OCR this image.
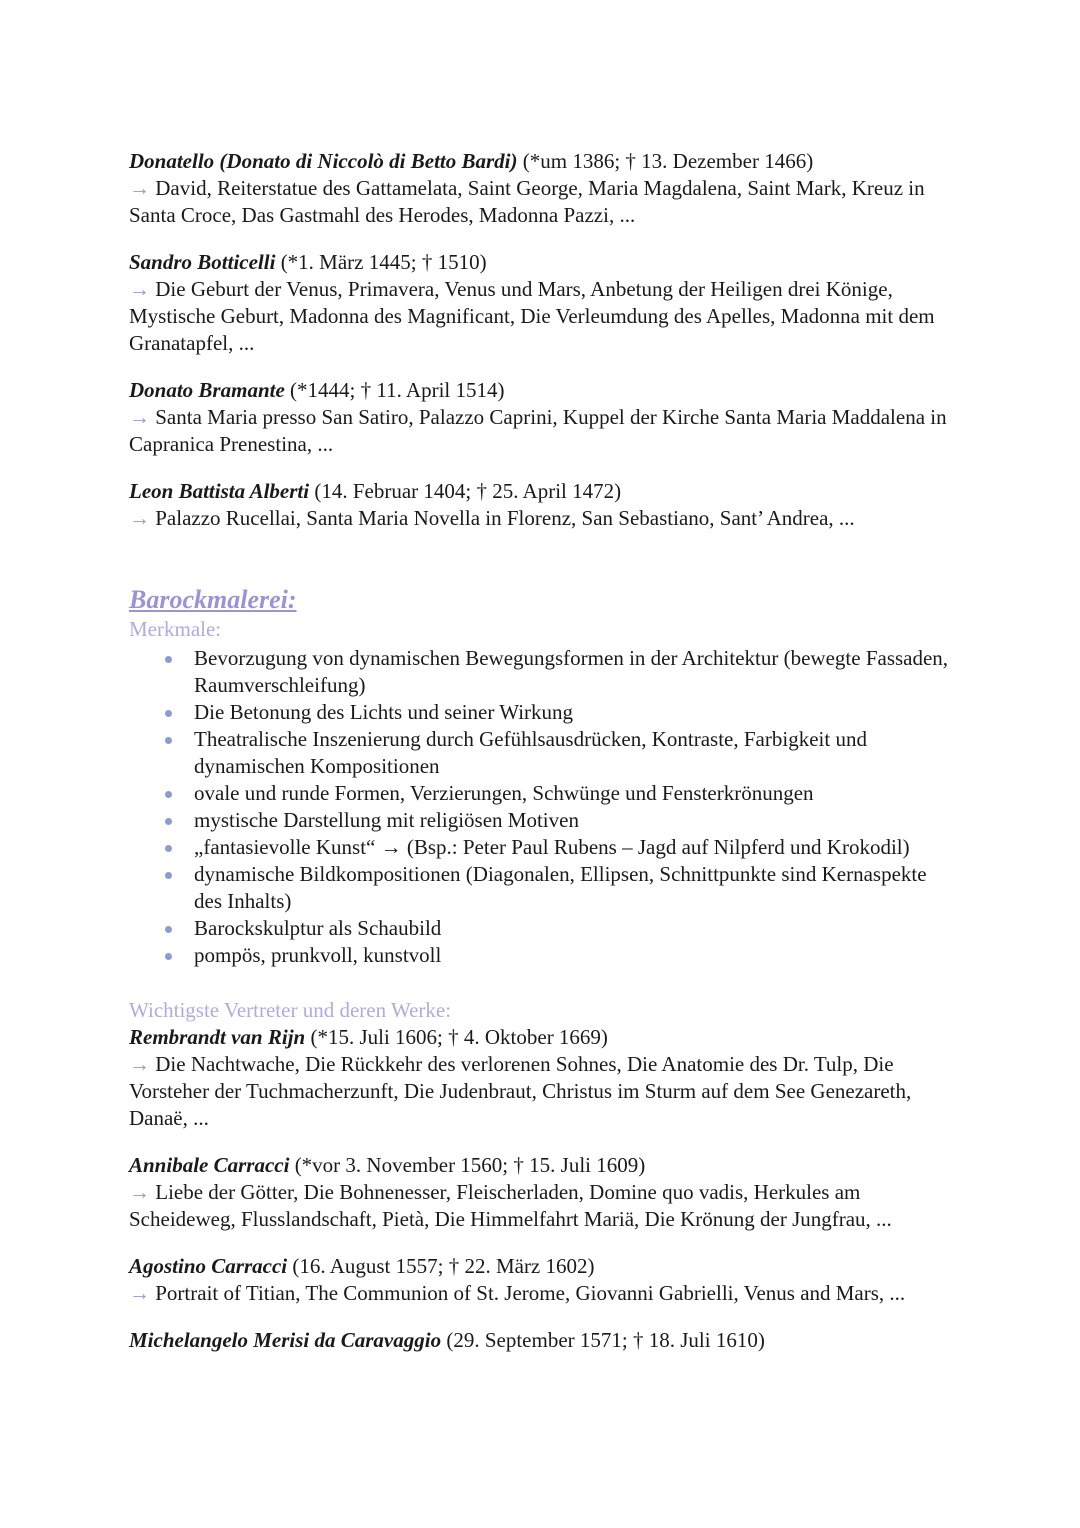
Donatello (Donato di Niccolò di Betto Bardi) (*um 1386; † 13. Dezember 1466)

→ David, Reiterstatue des Gattamelata, Saint George, Maria Magdalena, Saint Mark, Kreuz in Santa Croce, Das Gastmahl des Herodes, Madonna Pazzi, ...

Sandro Botticelli (*1. März 1445; † 1510)

→ Die Geburt der Venus, Primavera, Venus und Mars, Anbetung der Heiligen drei Könige, Mystische Geburt, Madonna des Magnificant, Die Verleumdung des Apelles, Madonna mit dem Granatapfel, ...

Donato Bramante (*1444; † 11. April 1514)

→ Santa Maria presso San Satiro, Palazzo Caprini, Kuppel der Kirche Santa Maria Maddalena in Capranica Prenestina, ...

Leon Battista Alberti (14. Februar 1404; † 25. April 1472)

→ Palazzo Rucellai, Santa Maria Novella in Florenz, San Sebastiano, Sant’ Andrea, ...

Barockmalerei:

Merkmale:

Bevorzugung von dynamischen Bewegungsformen in der Architektur (bewegte Fassaden, Raumverschleifung)
Die Betonung des Lichts und seiner Wirkung
Theatralische Inszenierung durch Gefühlsausdrücken, Kontraste, Farbigkeit und dynamischen Kompositionen
ovale und runde Formen, Verzierungen, Schwünge und Fensterkrönungen
mystische Darstellung mit religiösen Motiven
„fantasievolle Kunst“ → (Bsp.: Peter Paul Rubens – Jagd auf Nilpferd und Krokodil)
dynamische Bildkompositionen (Diagonalen, Ellipsen, Schnittpunkte sind Kernaspekte des Inhalts)
Barockskulptur als Schaubild
pompös, prunkvoll, kunstvoll

Wichtigste Vertreter und deren Werke:

Rembrandt van Rijn (*15. Juli 1606; † 4. Oktober 1669)

→ Die Nachtwache, Die Rückkehr des verlorenen Sohnes, Die Anatomie des Dr. Tulp, Die Vorsteher der Tuchmacherzunft, Die Judenbraut, Christus im Sturm auf dem See Genezareth, Danaë, ...

Annibale Carracci (*vor 3. November 1560; † 15. Juli 1609)

→ Liebe der Götter, Die Bohnenesser, Fleischerladen, Domine quo vadis, Herkules am Scheideweg, Flusslandschaft, Pietà, Die Himmelfahrt Mariä, Die Krönung der Jungfrau, ...

Agostino Carracci (16. August 1557; † 22. März 1602)

→ Portrait of Titian, The Communion of St. Jerome, Giovanni Gabrielli, Venus and Mars, ...

Michelangelo Merisi da Caravaggio (29. September 1571; † 18. Juli 1610)
